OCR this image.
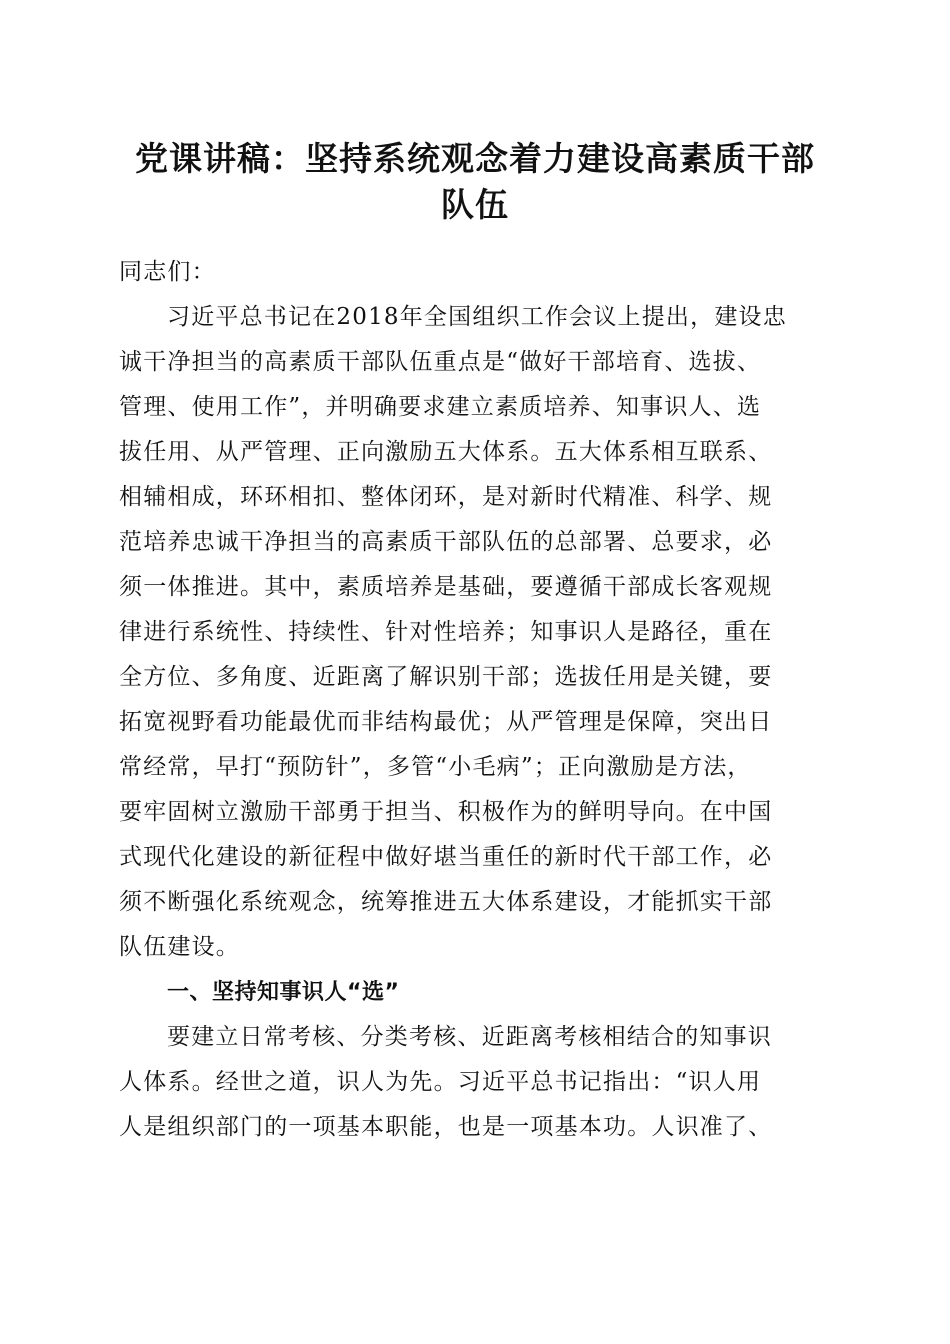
党课讲稿：坚持系统观念着力建设高素质干部
队伍
同志们：
习近平总书记在2018年全国组织工作会议上提出，建设忠
诚干净担当的高素质干部队伍重点是“做好干部培育、选拔、
管理、使用工作”，并明确要求建立素质培养、知事识人、选
拔任用、从严管理、正向激励五大体系。五大体系相互联系、
相辅相成，环环相扣、整体闭环，是对新时代精准、科学、规
范培养忠诚干净担当的高素质干部队伍的总部署、总要求，必
须一体推进。其中，素质培养是基础，要遵循干部成长客观规
律进行系统性、持续性、针对性培养；知事识人是路径，重在
全方位、多角度、近距离了解识别干部；选拔任用是关键，要
拓宽视野看功能最优而非结构最优；从严管理是保障，突出日
常经常，早打“预防针”，多管“小毛病”；正向激励是方法，
要牢固树立激励干部勇于担当、积极作为的鲜明导向。在中国
式现代化建设的新征程中做好堪当重任的新时代干部工作，必
须不断强化系统观念，统筹推进五大体系建设，才能抓实干部
队伍建设。
一、坚持知事识人“选”
要建立日常考核、分类考核、近距离考核相结合的知事识
人体系。经世之道，识人为先。习近平总书记指出：“识人用
人是组织部门的一项基本职能，也是一项基本功。人识准了、
